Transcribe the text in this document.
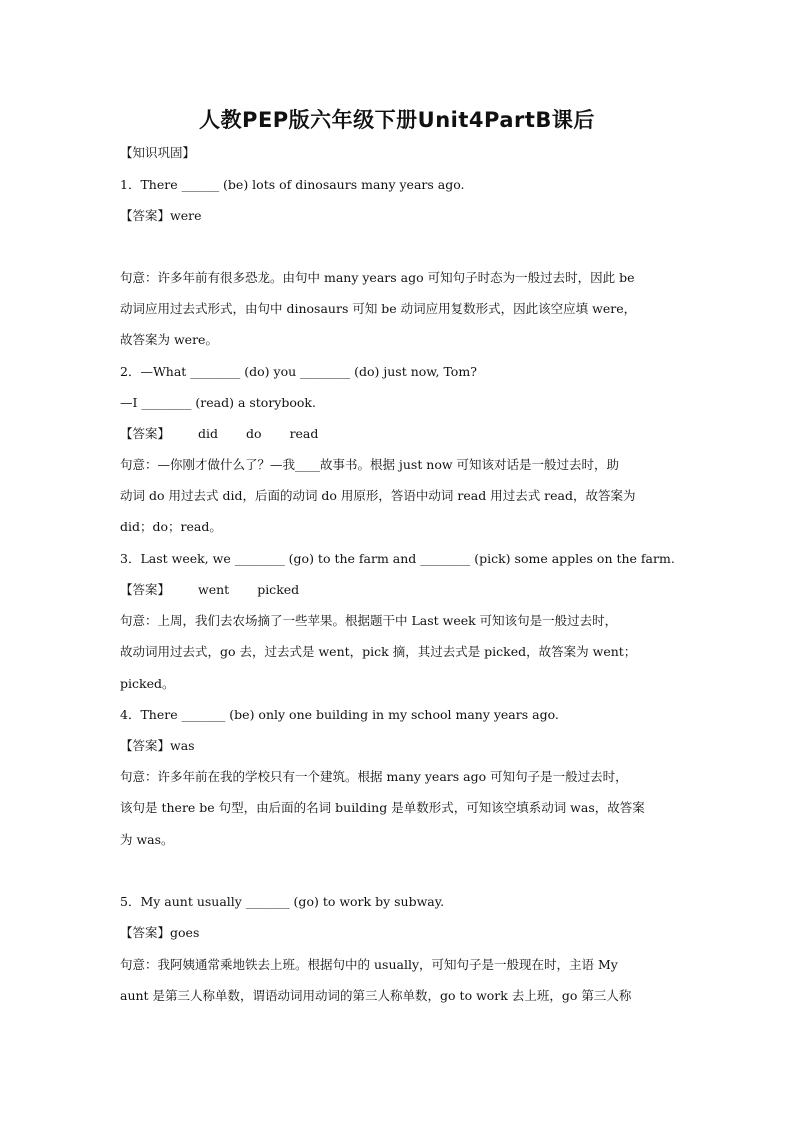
人教PEP版六年级下册Unit4PartB课后
【知识巩固】
1．There ______ (be) lots of dinosaurs many years ago.
【答案】were
句意：许多年前有很多恐龙。由句中 many years ago 可知句子时态为一般过去时，因此 be
动词应用过去式形式，由句中 dinosaurs 可知 be 动词应用复数形式，因此该空应填 were，
故答案为 were。
2．—What ________ (do) you ________ (do) just now, Tom?
—I ________ (read) a storybook.
【答案】 did do read
句意：—你刚才做什么了？—我____故事书。根据 just now 可知该对话是一般过去时，助
动词 do 用过去式 did，后面的动词 do 用原形，答语中动词 read 用过去式 read，故答案为
did；do；read。
3．Last week, we ________ (go) to the farm and ________ (pick) some apples on the farm.
【答案】 went picked
句意：上周，我们去农场摘了一些苹果。根据题干中 Last week 可知该句是一般过去时，
故动词用过去式，go 去，过去式是 went，pick 摘，其过去式是 picked，故答案为 went；
picked。
4．There _______ (be) only one building in my school many years ago.
【答案】was
句意：许多年前在我的学校只有一个建筑。根据 many years ago 可知句子是一般过去时，
该句是 there be 句型，由后面的名词 building 是单数形式，可知该空填系动词 was，故答案
为 was。
5．My aunt usually _______ (go) to work by subway.
【答案】goes
句意：我阿姨通常乘地铁去上班。根据句中的 usually，可知句子是一般现在时，主语 My
aunt 是第三人称单数，谓语动词用动词的第三人称单数，go to work 去上班，go 第三人称
